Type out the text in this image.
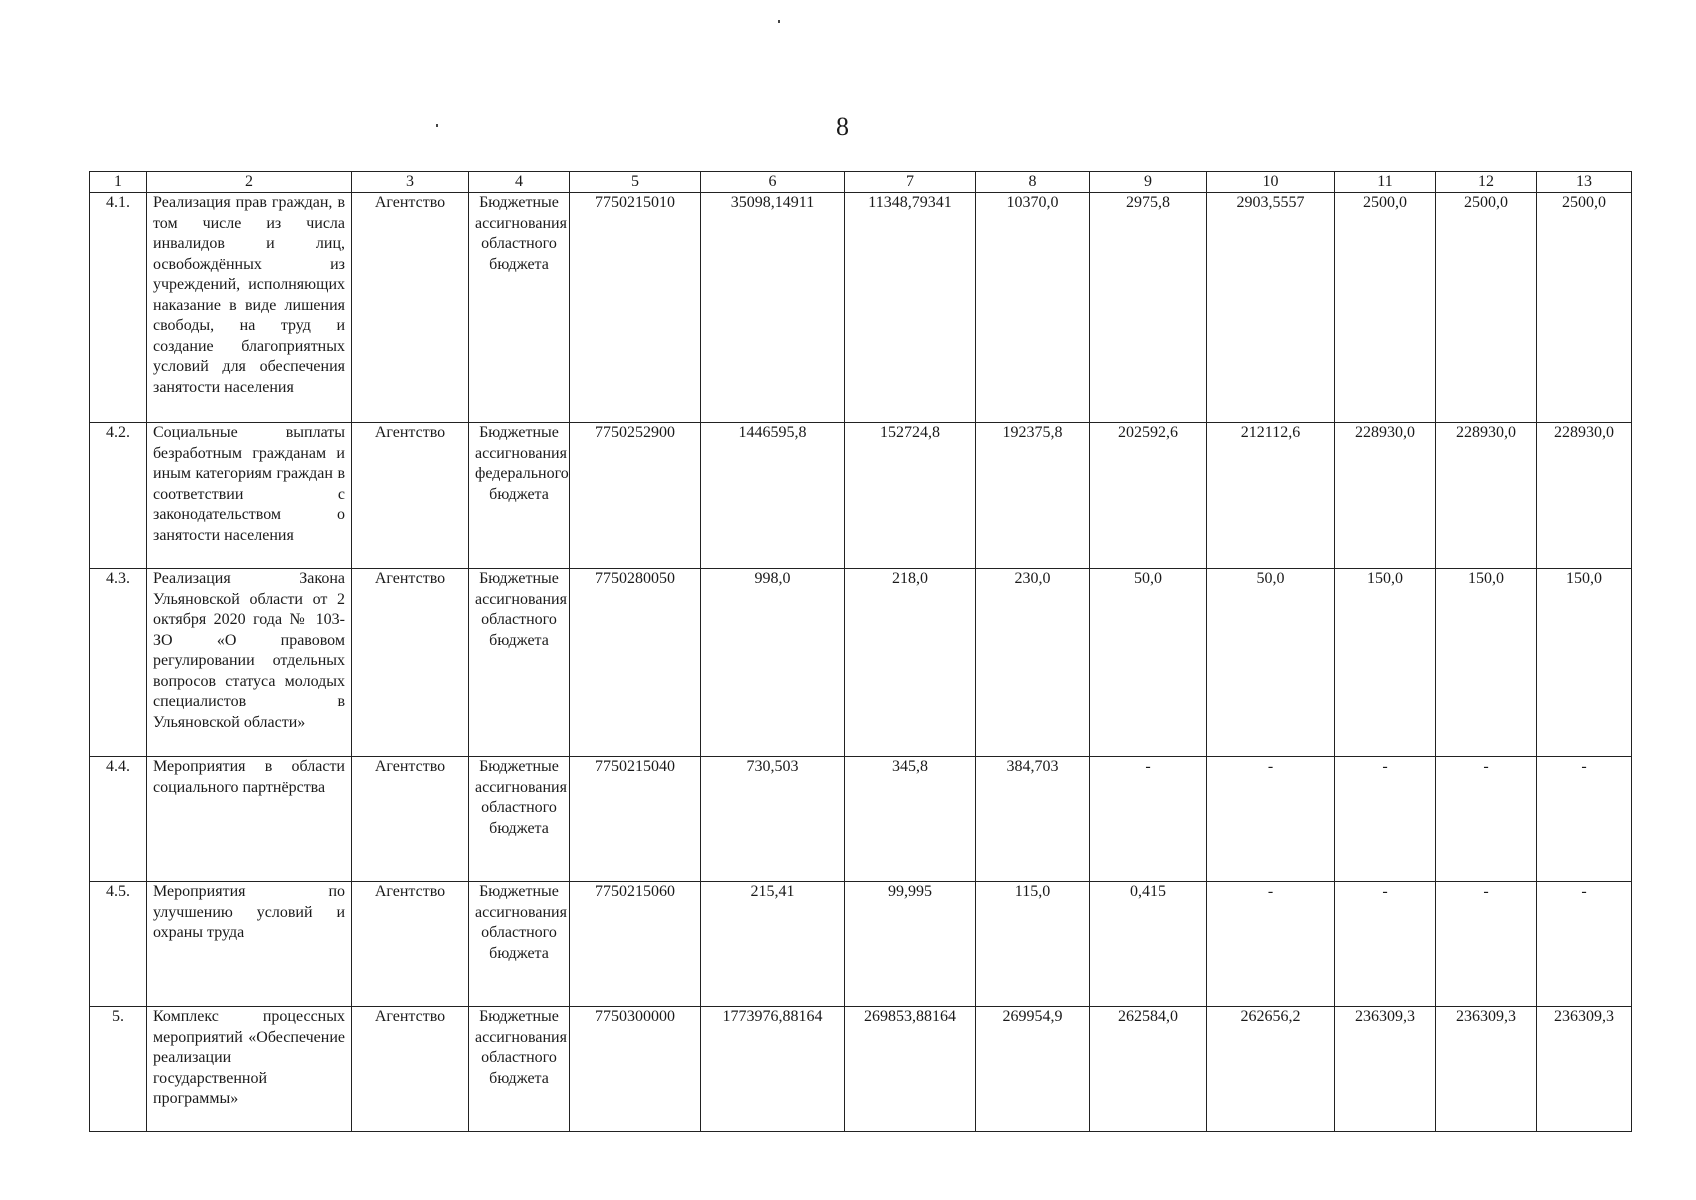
8
1	2	3	4	5	6	7	8	9	10	11	12	13
4.1.	Реализация прав граждан, в том числе из числа инвалидов и лиц, освобождённых из учреждений, исполняющих наказание в виде лишения свободы, на труд и создание благоприятных условий для обеспечения занятости населения	Агентство	Бюджетные ассигнования областного бюджета	7750215010	35098,14911	11348,79341	10370,0	2975,8	2903,5557	2500,0	2500,0	2500,0
4.2.	Социальные выплаты безработным гражданам и иным категориям граждан в соответствии с законодательством о занятости населения	Агентство	Бюджетные ассигнования федерального бюджета	7750252900	1446595,8	152724,8	192375,8	202592,6	212112,6	228930,0	228930,0	228930,0
4.3.	Реализация Закона Ульяновской области от 2 октября 2020 года № 103-ЗО «О правовом регулировании отдельных вопросов статуса молодых специалистов в Ульяновской области»	Агентство	Бюджетные ассигнования областного бюджета	7750280050	998,0	218,0	230,0	50,0	50,0	150,0	150,0	150,0
4.4.	Мероприятия в области социального партнёрства	Агентство	Бюджетные ассигнования областного бюджета	7750215040	730,503	345,8	384,703	-	-	-	-	-
4.5.	Мероприятия по улучшению условий и охраны труда	Агентство	Бюджетные ассигнования областного бюджета	7750215060	215,41	99,995	115,0	0,415	-	-	-	-
5.	Комплекс процессных мероприятий «Обеспечение реализации государственной программы»	Агентство	Бюджетные ассигнования областного бюджета	7750300000	1773976,88164	269853,88164	269954,9	262584,0	262656,2	236309,3	236309,3	236309,3
